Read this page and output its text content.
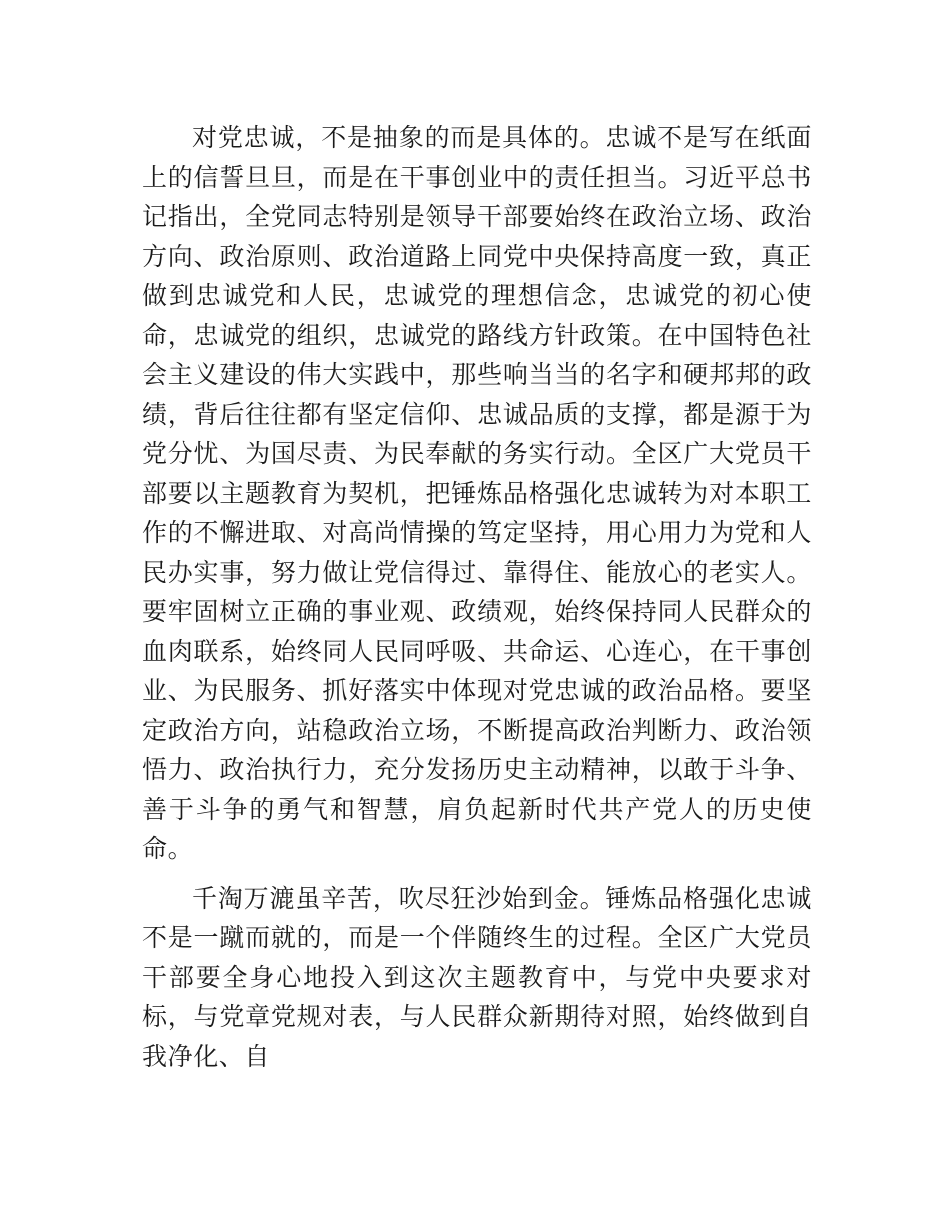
对党忠诚，不是抽象的而是具体的。忠诚不是写在纸面上的信誓旦旦，而是在干事创业中的责任担当。习近平总书记指出，全党同志特别是领导干部要始终在政治立场、政治方向、政治原则、政治道路上同党中央保持高度一致，真正做到忠诚党和人民，忠诚党的理想信念，忠诚党的初心使命，忠诚党的组织，忠诚党的路线方针政策。在中国特色社会主义建设的伟大实践中，那些响当当的名字和硬邦邦的政绩，背后往往都有坚定信仰、忠诚品质的支撑，都是源于为党分忧、为国尽责、为民奉献的务实行动。全区广大党员干部要以主题教育为契机，把锤炼品格强化忠诚转为对本职工作的不懈进取、对高尚情操的笃定坚持，用心用力为党和人民办实事，努力做让党信得过、靠得住、能放心的老实人。要牢固树立正确的事业观、政绩观，始终保持同人民群众的血肉联系，始终同人民同呼吸、共命运、心连心，在干事创业、为民服务、抓好落实中体现对党忠诚的政治品格。要坚定政治方向，站稳政治立场，不断提高政治判断力、政治领悟力、政治执行力，充分发扬历史主动精神，以敢于斗争、善于斗争的勇气和智慧，肩负起新时代共产党人的历史使命。

千淘万漉虽辛苦，吹尽狂沙始到金。锤炼品格强化忠诚不是一蹴而就的，而是一个伴随终生的过程。全区广大党员干部要全身心地投入到这次主题教育中，与党中央要求对标，与党章党规对表，与人民群众新期待对照，始终做到自我净化、自
